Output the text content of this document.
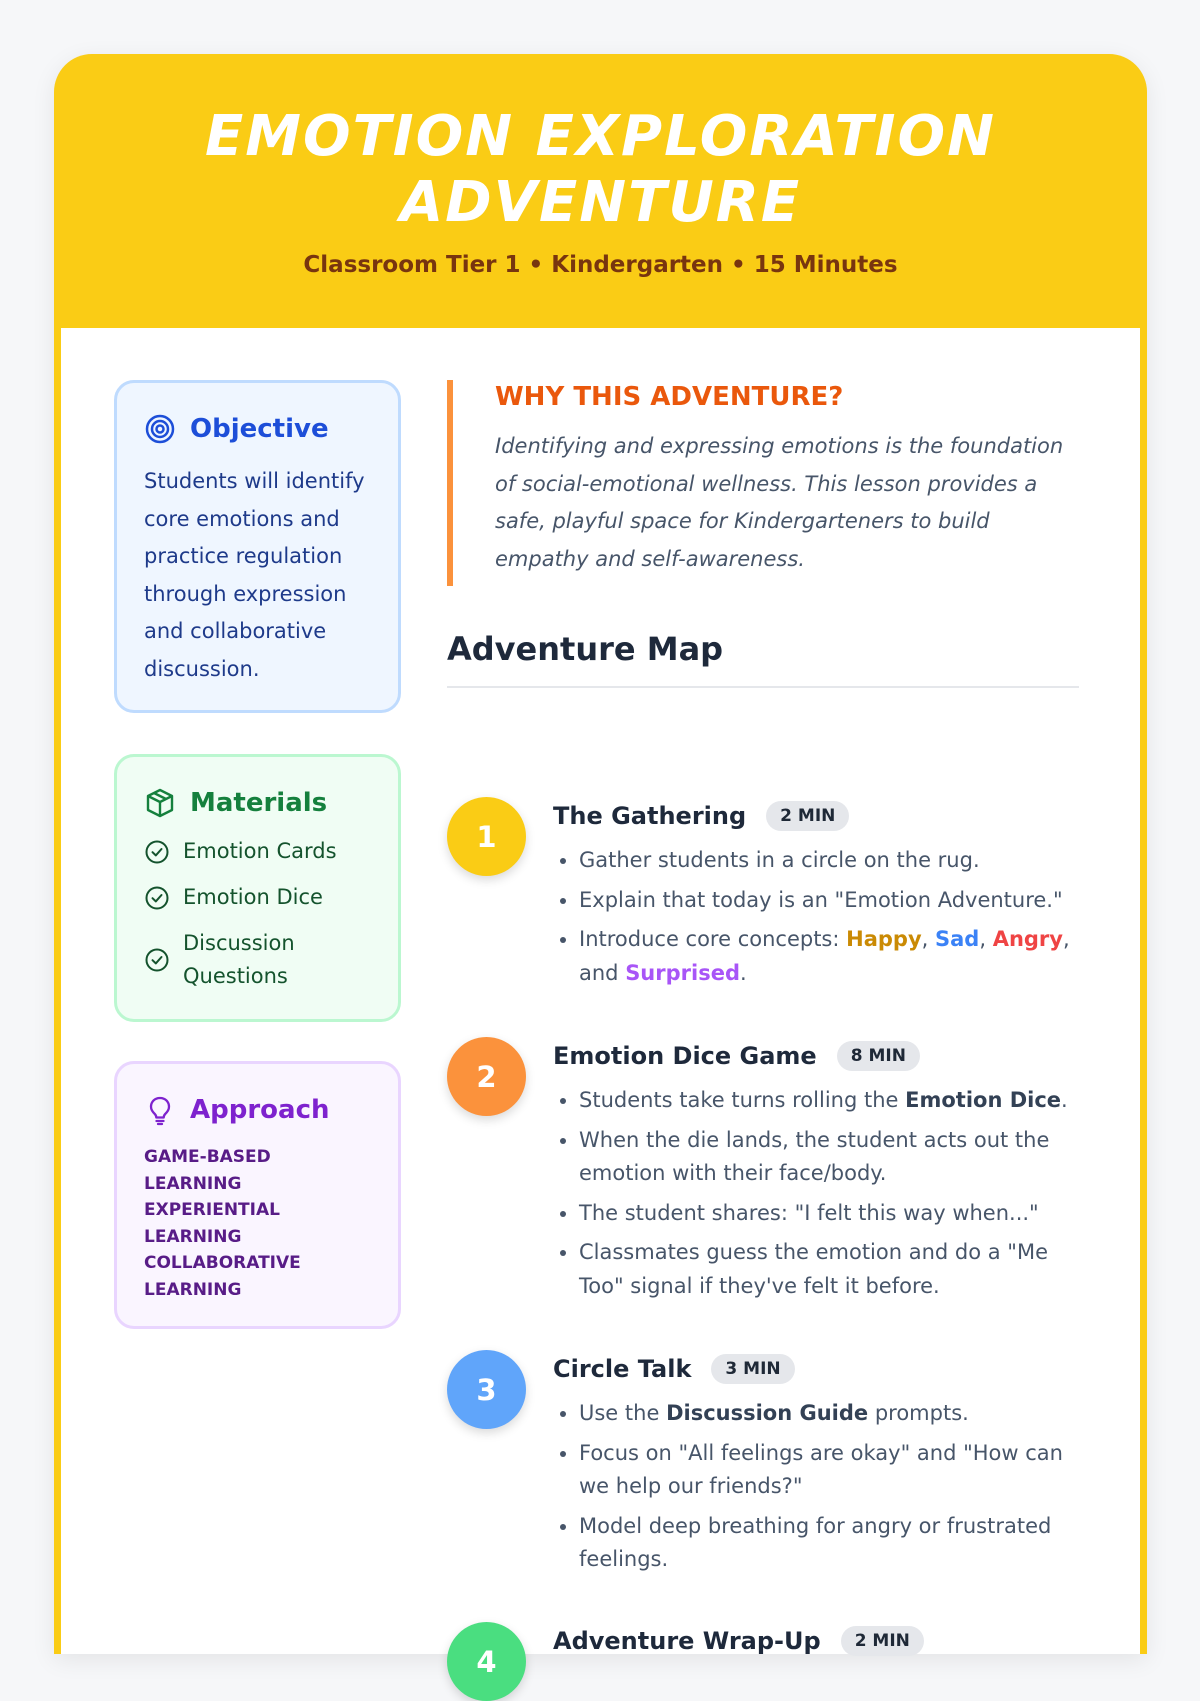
EMOTION EXPLORATION ADVENTURE
Classroom Tier 1 • Kindergarten • 15 Minutes
Objective

Students will identify core emotions and practice regulation through expression and collaborative discussion.

Materials
Emotion Cards
Emotion Dice
Discussion Questions
Approach
GAME-BASED LEARNING
EXPERIENTIAL LEARNING
COLLABORATIVE LEARNING
WHY THIS ADVENTURE?

Identifying and expressing emotions is the foundation of social-emotional wellness. This lesson provides a safe, playful space for Kindergarteners to build empathy and self-awareness.

Adventure Map
1
The Gathering	2 MIN
• Gather students in a circle on the rug.
• Explain that today is an "Emotion Adventure."
• Introduce core concepts: Happy, Sad, Angry, and Surprised.
2
Emotion Dice Game	8 MIN
• Students take turns rolling the Emotion Dice.
• When the die lands, the student acts out the emotion with their face/body.
• The student shares: "I felt this way when..."
• Classmates guess the emotion and do a "Me Too" signal if they've felt it before.
3
Circle Talk	3 MIN
• Use the Discussion Guide prompts.
• Focus on "All feelings are okay" and "How can we help our friends?"
• Model deep breathing for angry or frustrated feelings.
4
Adventure Wrap-Up	2 MIN
